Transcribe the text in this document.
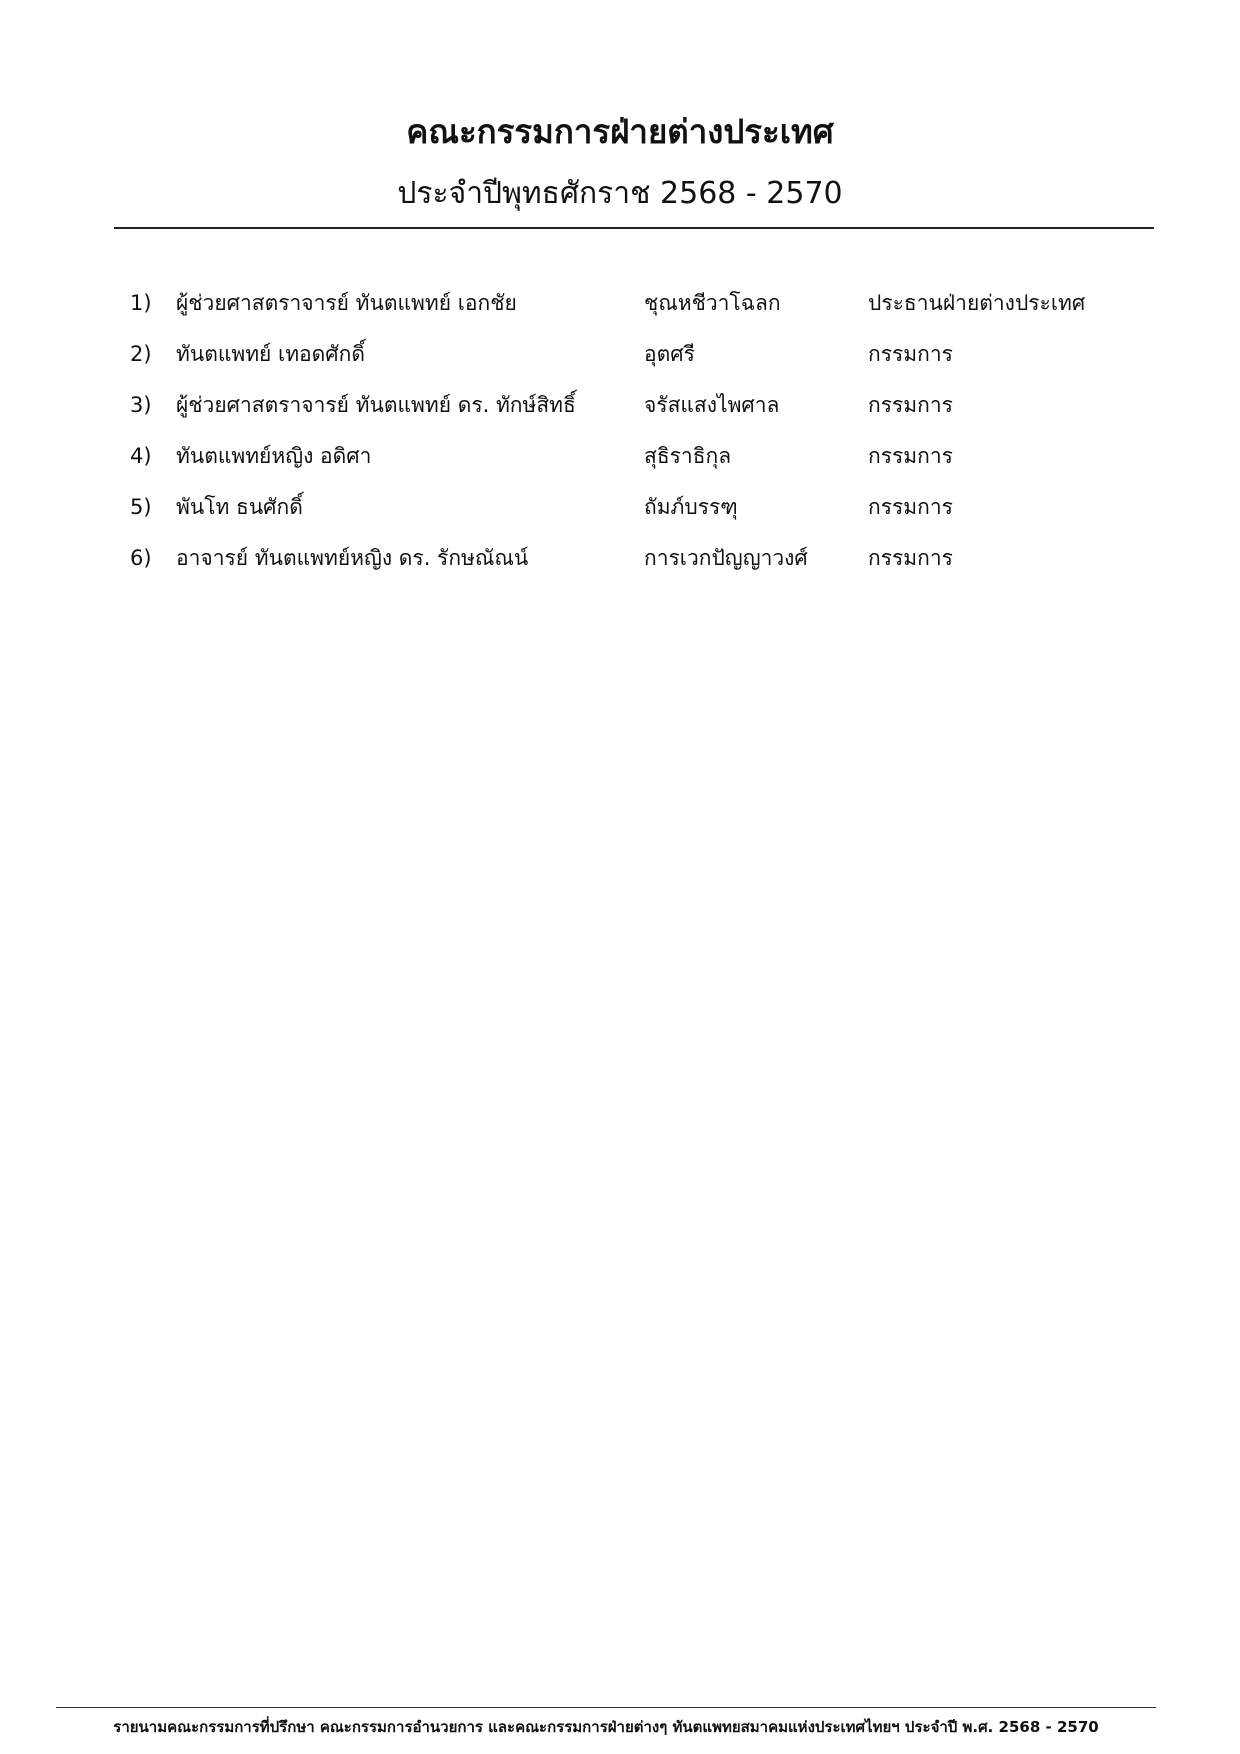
คณะกรรมการฝ่ายต่างประเทศ
ประจำปีพุทธศักราช 2568 - 2570
1) ผู้ช่วยศาสตราจารย์ ทันตแพทย์ เอกชัย	ชุณหชีวาโฉลก	ประธานฝ่ายต่างประเทศ
2) ทันตแพทย์ เทอดศักดิ์	อุตศรี	กรรมการ
3) ผู้ช่วยศาสตราจารย์ ทันตแพทย์ ดร. ทักษ์สิทธิ์	จรัสแสงไพศาล	กรรมการ
4) ทันตแพทย์หญิง อดิศา	สุธิราธิกุล	กรรมการ
5) พันโท ธนศักดิ์	ถัมภ์บรรฑุ	กรรมการ
6) อาจารย์ ทันตแพทย์หญิง ดร. รักษณัณน์	การเวกปัญญาวงศ์	กรรมการ
รายนามคณะกรรมการที่ปรึกษา คณะกรรมการอำนวยการ และคณะกรรมการฝ่ายต่างๆ ทันตแพทยสมาคมแห่งประเทศไทยฯ ประจำปี พ.ศ. 2568 - 2570
